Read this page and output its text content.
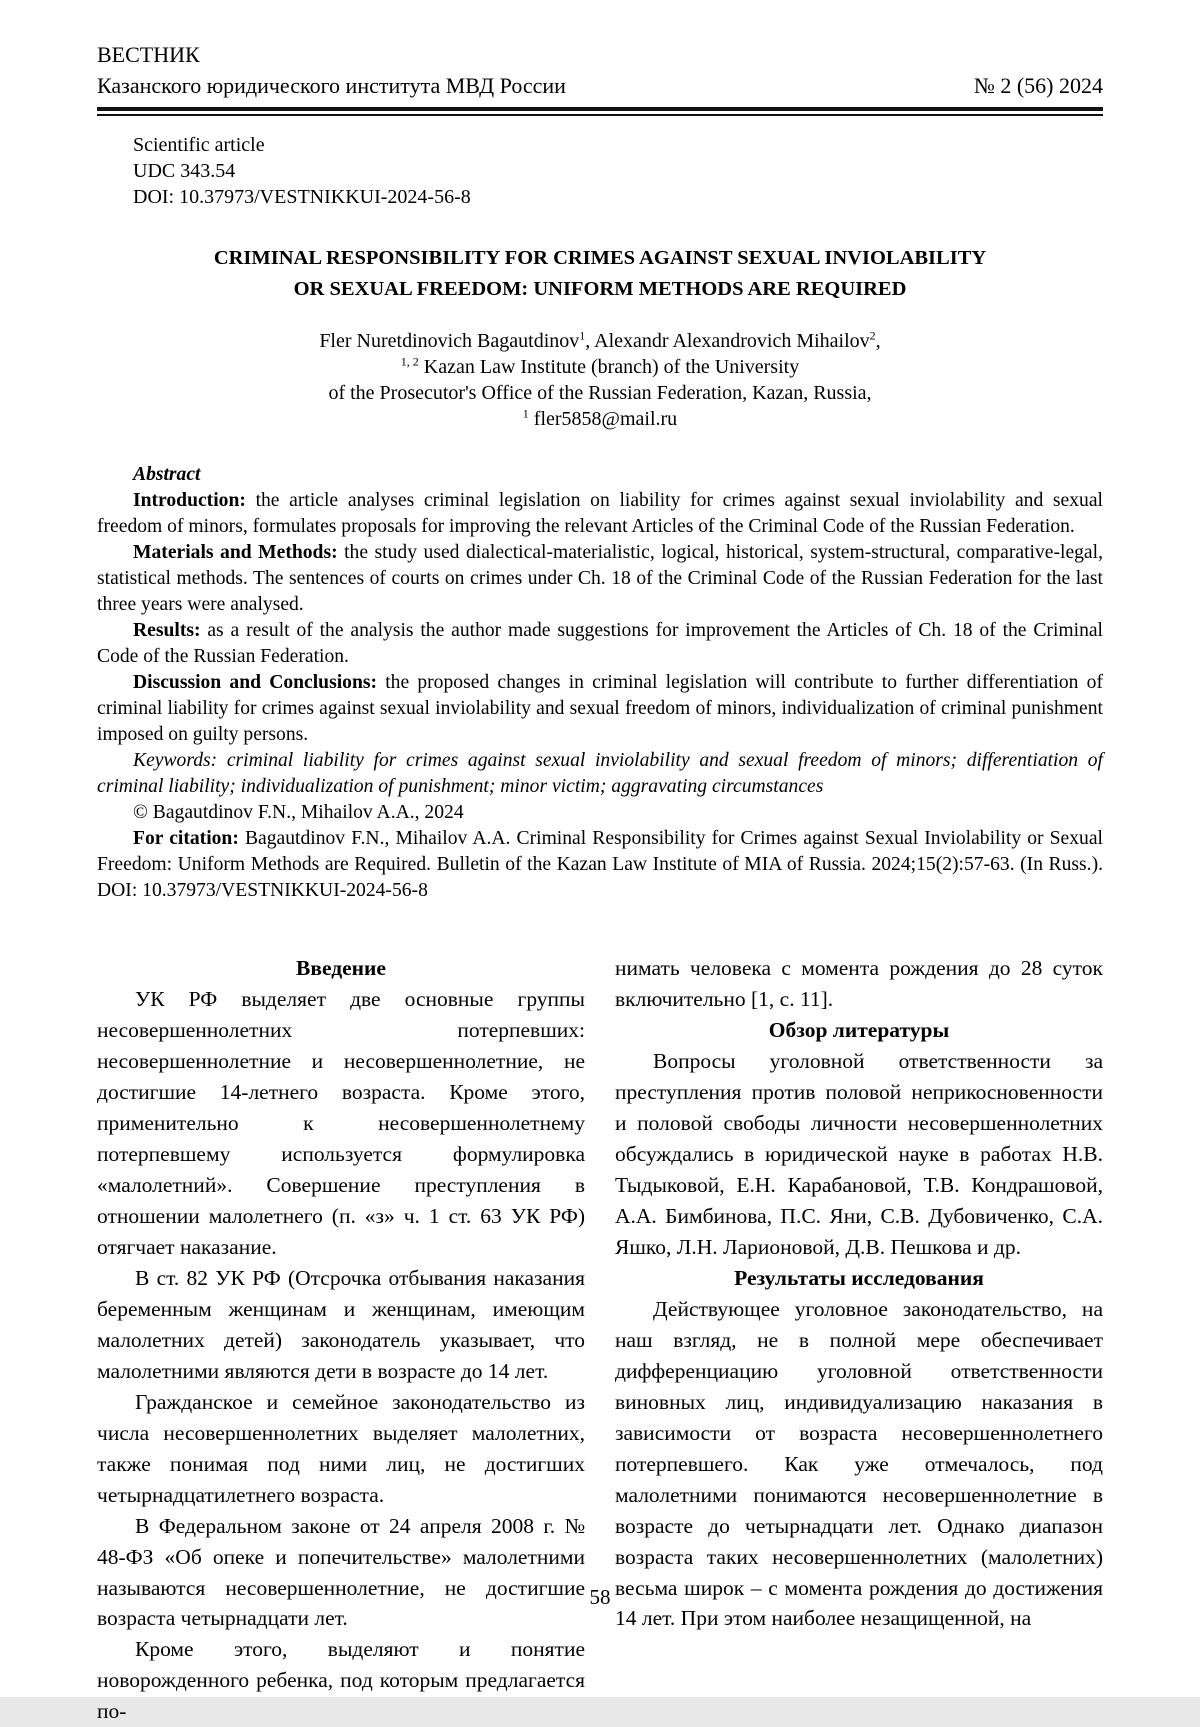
ВЕСТНИК
Казанского юридического института МВД России	№ 2 (56) 2024
Scientific article
UDC 343.54
DOI: 10.37973/VESTNIKKUI-2024-56-8
CRIMINAL RESPONSIBILITY FOR CRIMES AGAINST SEXUAL INVIOLABILITY
OR SEXUAL FREEDOM: UNIFORM METHODS ARE REQUIRED
Fler Nuretdinovich Bagautdinov$^1$, Alexandr Alexandrovich Mihailov$^2$,
$^{1, 2}$ Kazan Law Institute (branch) of the University
of the Prosecutor's Office of the Russian Federation, Kazan, Russia,
$^1$ fler5858@mail.ru

Abstract

Introduction: the article analyses criminal legislation on liability for crimes against sexual inviolability and sexual freedom of minors, formulates proposals for improving the relevant Articles of the Criminal Code of the Russian Federation.

Materials and Methods: the study used dialectical-materialistic, logical, historical, system-structural, comparative-legal, statistical methods. The sentences of courts on crimes under Ch. 18 of the Criminal Code of the Russian Federation for the last three years were analysed.

Results: as a result of the analysis the author made suggestions for improvement the Articles of Ch. 18 of the Criminal Code of the Russian Federation.

Discussion and Conclusions: the proposed changes in criminal legislation will contribute to further differentiation of criminal liability for crimes against sexual inviolability and sexual freedom of minors, individualization of criminal punishment imposed on guilty persons.

Keywords: criminal liability for crimes against sexual inviolability and sexual freedom of minors; differentiation of criminal liability; individualization of punishment; minor victim; aggravating circumstances

© Bagautdinov F.N., Mihailov A.A., 2024

For citation: Bagautdinov F.N., Mihailov A.A. Criminal Responsibility for Crimes against Sexual Inviolability or Sexual Freedom: Uniform Methods are Required. Bulletin of the Kazan Law Institute of MIA of Russia. 2024;15(2):57-63. (In Russ.). DOI: 10.37973/VESTNIKKUI-2024-56-8

Введение

УК РФ выделяет две основные группы несовершеннолетних потерпевших: несовершеннолетние и несовершеннолетние, не достигшие 14-летнего возраста. Кроме этого, применительно к несовершеннолетнему потерпевшему используется формулировка «малолетний». Совершение преступления в отношении малолетнего (п. «з» ч. 1 ст. 63 УК РФ) отягчает наказание.

В ст. 82 УК РФ (Отсрочка отбывания наказания беременным женщинам и женщинам, имеющим малолетних детей) законодатель указывает, что малолетними являются дети в возрасте до 14 лет.

Гражданское и семейное законодательство из числа несовершеннолетних выделяет малолетних, также понимая под ними лиц, не достигших четырнадцатилетнего возраста.

В Федеральном законе от 24 апреля 2008 г. № 48-ФЗ «Об опеке и попечительстве» малолетними называются несовершеннолетние, не достигшие возраста четырнадцати лет.

Кроме этого, выделяют и понятие новорожденного ребенка, под которым предлагается по-

нимать человека с момента рождения до 28 суток включительно [1, с. 11].

Обзор литературы

Вопросы уголовной ответственности за преступления против половой неприкосновенности и половой свободы личности несовершеннолетних обсуждались в юридической науке в работах Н.В. Тыдыковой, Е.Н. Карабановой, Т.В. Кондрашовой, А.А. Бимбинова, П.С. Яни, С.В. Дубовиченко, С.А. Яшко, Л.Н. Ларионовой, Д.В. Пешкова и др.

Результаты исследования

Действующее уголовное законодательство, на наш взгляд, не в полной мере обеспечивает дифференциацию уголовной ответственности виновных лиц, индивидуализацию наказания в зависимости от возраста несовершеннолетнего потерпевшего. Как уже отмечалось, под малолетними понимаются несовершеннолетние в возрасте до четырнадцати лет. Однако диапазон возраста таких несовершеннолетних (малолетних) весьма широк – с момента рождения до достижения 14 лет. При этом наиболее незащищенной, на

58
